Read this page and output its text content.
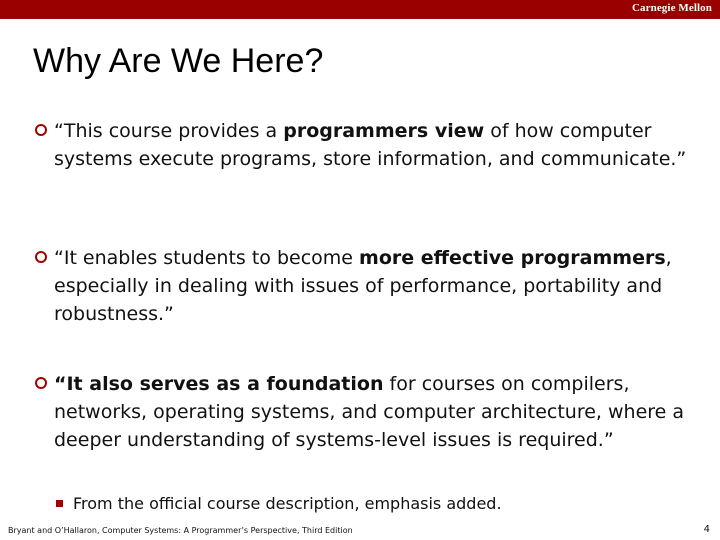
Carnegie Mellon
Why Are We Here?
“This course provides a programmers view of how computer systems execute programs, store information, and communicate.”
“It enables students to become more effective programmers, especially in dealing with issues of performance, portability and robustness.”
“It also serves as a foundation for courses on compilers, networks, operating systems, and computer architecture, where a deeper understanding of systems-level issues is required.”
From the official course description, emphasis added.
Bryant and O’Hallaron, Computer Systems: A Programmer’s Perspective, Third Edition	4
